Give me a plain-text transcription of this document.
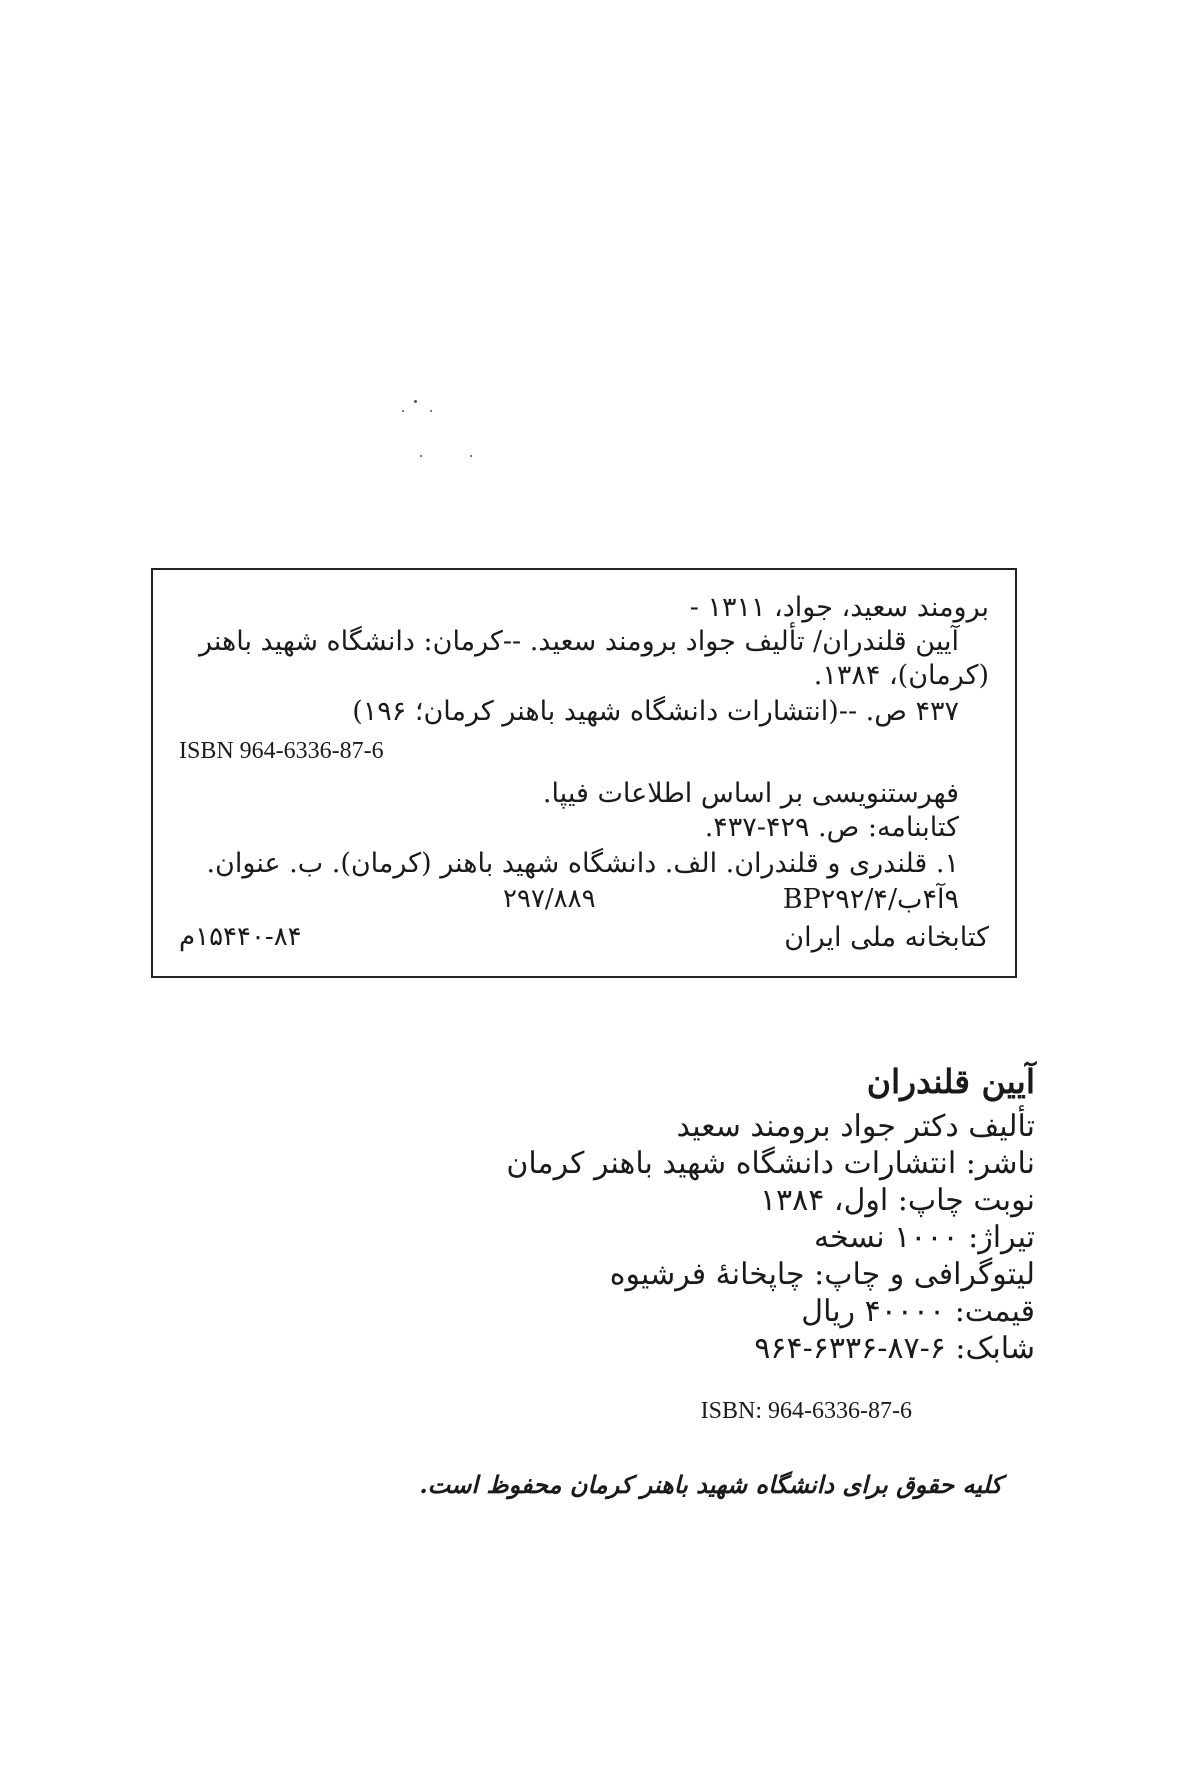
برومند سعید، جواد، ۱۳۱۱ -
آیین قلندران/ تألیف جواد برومند سعید. --کرمان: دانشگاه شهید باهنر
(کرمان)، ۱۳۸۴.
۴۳۷ ص. --(انتشارات دانشگاه شهید باهنر کرمان؛ ۱۹۶)
ISBN 964-6336-87-6
فهرستنویسی بر اساس اطلاعات فیپا.
کتابنامه: ص. ۴۲۹-۴۳۷.
۱. قلندری و قلندران. الف. دانشگاه شهید باهنر (کرمان). ب. عنوان.
۹آ۴ب/۴/BP۲۹۲
۲۹۷/۸۸۹
کتابخانه ملی ایران
۱۵۴۴۰-۸۴م
آیین قلندران
تألیف دکتر جواد برومند سعید
ناشر: انتشارات دانشگاه شهید باهنر کرمان
نوبت چاپ: اول، ۱۳۸۴
تیراژ: ۱۰۰۰ نسخه
لیتوگرافی و چاپ: چاپخانهٔ فرشیوه
قیمت: ۴۰۰۰۰ ریال
شابک: ۶-۸۷-۶۳۳۶-۹۶۴
ISBN: 964-6336-87-6
کلیه حقوق برای دانشگاه شهید باهنر کرمان محفوظ است.
